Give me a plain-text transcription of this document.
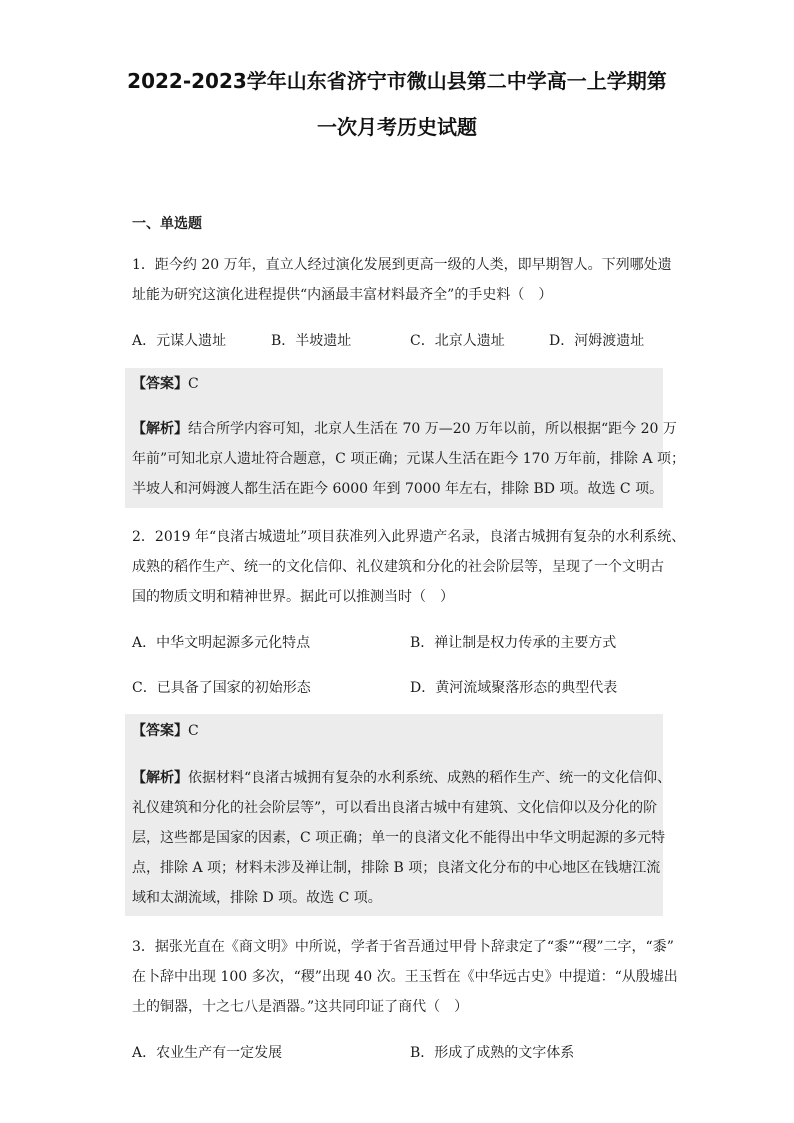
2022-2023学年山东省济宁市微山县第二中学高一上学期第
一次月考历史试题
一、单选题
1．距今约 20 万年，直立人经过演化发展到更高一级的人类，即早期智人。下列哪处遗
址能为研究这演化进程提供“内涵最丰富材料最齐全”的手史料（　）
A．元谋人遗址	B．半坡遗址	C．北京人遗址	D．河姆渡遗址
【答案】C
【解析】结合所学内容可知，北京人生活在 70 万—20 万年以前，所以根据“距今 20 万
年前”可知北京人遗址符合题意，C 项正确；元谋人生活在距今 170 万年前，排除 A 项；
半坡人和河姆渡人都生活在距今 6000 年到 7000 年左右，排除 BD 项。故选 C 项。
2．2019 年“良渚古城遗址”项目获准列入此界遗产名录，良渚古城拥有复杂的水利系统、
成熟的稻作生产、统一的文化信仰、礼仪建筑和分化的社会阶层等，呈现了一个文明古
国的物质文明和精神世界。据此可以推测当时（　）
A．中华文明起源多元化特点	B．禅让制是权力传承的主要方式
C．已具备了国家的初始形态	D．黄河流域聚落形态的典型代表
【答案】C
【解析】依据材料“良渚古城拥有复杂的水利系统、成熟的稻作生产、统一的文化信仰、
礼仪建筑和分化的社会阶层等”，可以看出良渚古城中有建筑、文化信仰以及分化的阶
层，这些都是国家的因素，C 项正确；单一的良渚文化不能得出中华文明起源的多元特
点，排除 A 项；材料未涉及禅让制，排除 B 项；良渚文化分布的中心地区在钱塘江流
域和太湖流域，排除 D 项。故选 C 项。
3．据张光直在《商文明》中所说，学者于省吾通过甲骨卜辞隶定了“黍”“稷”二字，“黍”
在卜辞中出现 100 多次，“稷”出现 40 次。王玉哲在《中华远古史》中提道：“从殷墟出
土的铜器，十之七八是酒器。”这共同印证了商代（　）
A．农业生产有一定发展	B．形成了成熟的文字体系
